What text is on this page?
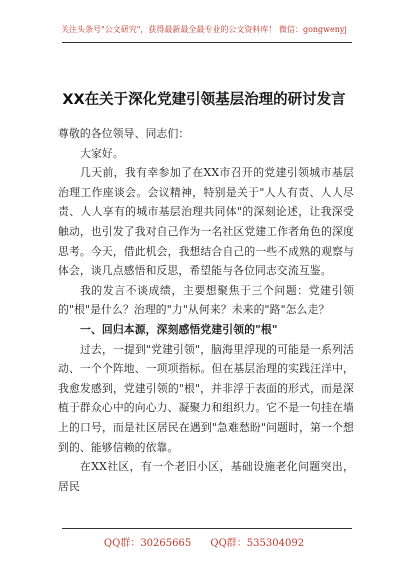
关注头条号"公文研究"，获得最新最全最专业的公文资料库！ 微信：gongwenyj
XX在关于深化党建引领基层治理的研讨发言

尊敬的各位领导、同志们：

大家好。

几天前，我有幸参加了在XX市召开的党建引领城市基层治理工作座谈会。会议精神，特别是关于"人人有责、人人尽责、人人享有的城市基层治理共同体"的深刻论述，让我深受触动，也引发了我对自己作为一名社区党建工作者角色的深度思考。今天，借此机会，我想结合自己的一些不成熟的观察与体会，谈几点感悟和反思，希望能与各位同志交流互鉴。

我的发言不谈成绩，主要想聚焦于三个问题：党建引领的"根"是什么？治理的"力"从何来？未来的"路"怎么走？

一、回归本源，深刻感悟党建引领的"根"

过去，一提到"党建引领"，脑海里浮现的可能是一系列活动、一个个阵地、一项项指标。但在基层治理的实践汪洋中，我愈发感到，党建引领的"根"，并非浮于表面的形式，而是深植于群众心中的向心力、凝聚力和组织力。它不是一句挂在墙上的口号，而是社区居民在遇到"急难愁盼"问题时，第一个想到的、能够信赖的依靠。

在XX社区，有一个老旧小区，基础设施老化问题突出，居民

QQ群：30265665 QQ群：535304092
